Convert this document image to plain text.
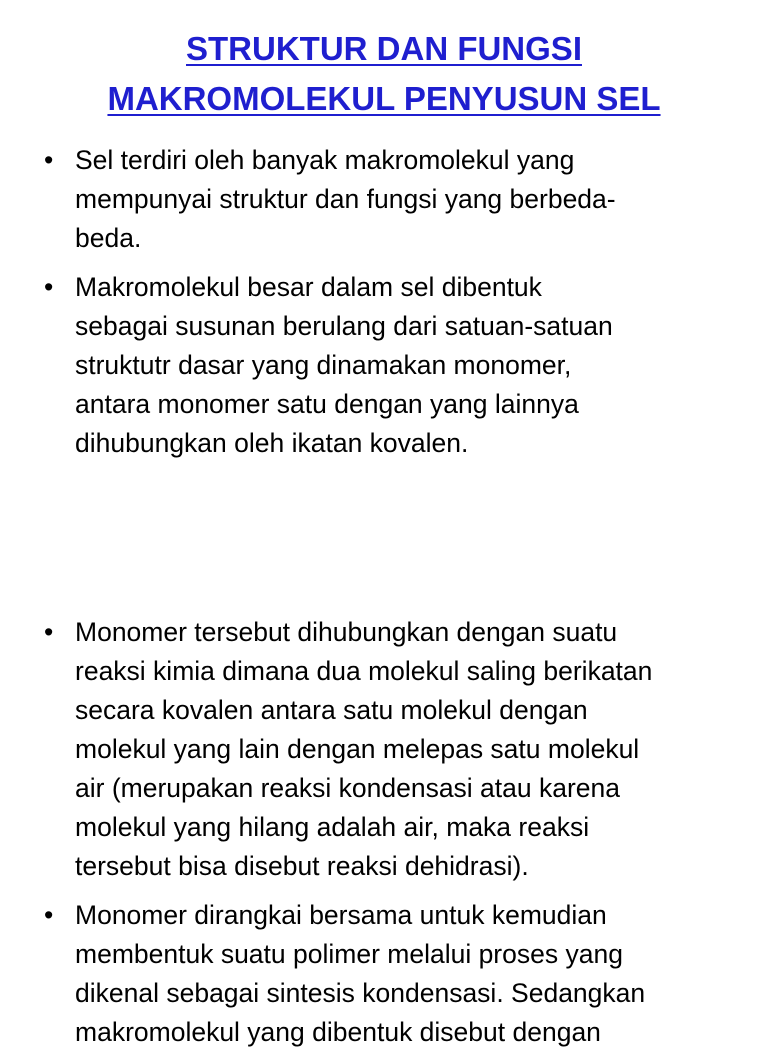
STRUKTUR DAN FUNGSI
MAKROMOLEKUL PENYUSUN SEL
• Sel terdiri oleh banyak makromolekul yang
mempunyai struktur dan fungsi yang berbeda-
beda.
• Makromolekul besar dalam sel dibentuk
sebagai susunan berulang dari satuan-satuan
struktutr dasar yang dinamakan monomer,
antara monomer satu dengan yang lainnya
dihubungkan oleh ikatan kovalen.
• Monomer tersebut dihubungkan dengan suatu
reaksi kimia dimana dua molekul saling berikatan
secara kovalen antara satu molekul dengan
molekul yang lain dengan melepas satu molekul
air (merupakan reaksi kondensasi atau karena
molekul yang hilang adalah air, maka reaksi
tersebut bisa disebut reaksi dehidrasi).
• Monomer dirangkai bersama untuk kemudian
membentuk suatu polimer melalui proses yang
dikenal sebagai sintesis kondensasi. Sedangkan
makromolekul yang dibentuk disebut dengan
